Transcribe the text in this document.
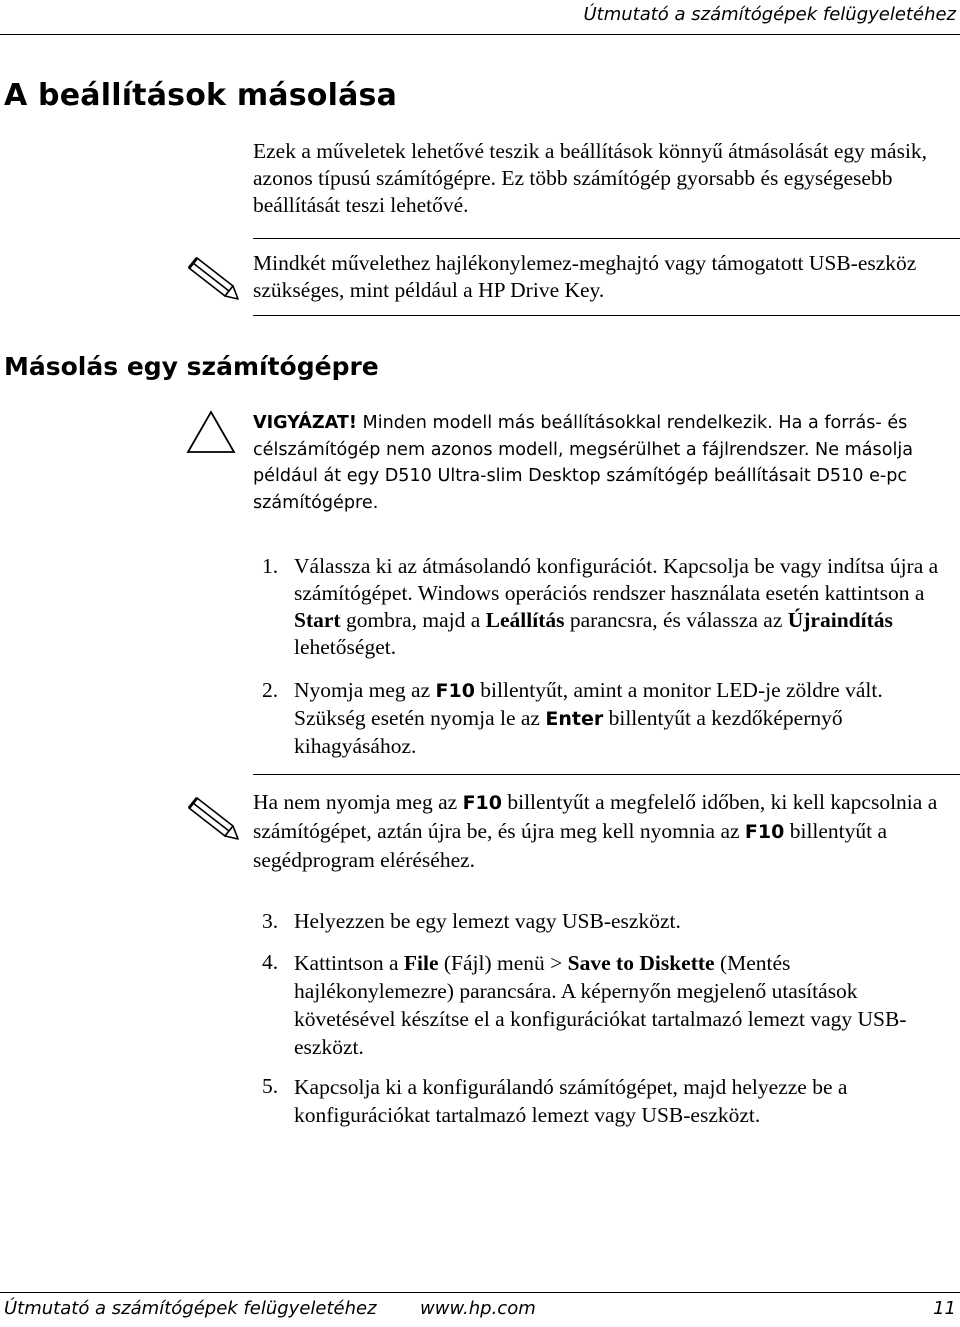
Útmutató a számítógépek felügyeletéhez
A beállítások másolása

Ezek a műveletek lehetővé teszik a beállítások könnyű átmásolását egy másik, azonos típusú számítógépre. Ez több számítógép gyorsabb és egységesebb beállítását teszi lehetővé.

Mindkét művelethez hajlékonylemez-meghajtó vagy támogatott USB-eszköz szükséges, mint például a HP Drive Key.

Másolás egy számítógépre

VIGYÁZAT! Minden modell más beállításokkal rendelkezik. Ha a forrás- és célszámítógép nem azonos modell, megsérülhet a fájlrendszer. Ne másolja például át egy D510 Ultra-slim Desktop számítógép beállításait D510 e-pc számítógépre.

1. Válassza ki az átmásolandó konfigurációt. Kapcsolja be vagy indítsa újra a számítógépet. Windows operációs rendszer használata esetén kattintson a Start gombra, majd a Leállítás parancsra, és válassza az Újraindítás lehetőséget.

2. Nyomja meg az F10 billentyűt, amint a monitor LED-je zöldre vált. Szükség esetén nyomja le az Enter billentyűt a kezdőképernyő kihagyásához.

Ha nem nyomja meg az F10 billentyűt a megfelelő időben, ki kell kapcsolnia a számítógépet, aztán újra be, és újra meg kell nyomnia az F10 billentyűt a segédprogram eléréséhez.

3. Helyezzen be egy lemezt vagy USB-eszközt.

4. Kattintson a File (Fájl) menü > Save to Diskette (Mentés hajlékonylemezre) parancsára. A képernyőn megjelenő utasítások követésével készítse el a konfigurációkat tartalmazó lemezt vagy USB-eszközt.

5. Kapcsolja ki a konfigurálandó számítógépet, majd helyezze be a konfigurációkat tartalmazó lemezt vagy USB-eszközt.

Útmutató a számítógépek felügyeletéhez www.hp.com	11
